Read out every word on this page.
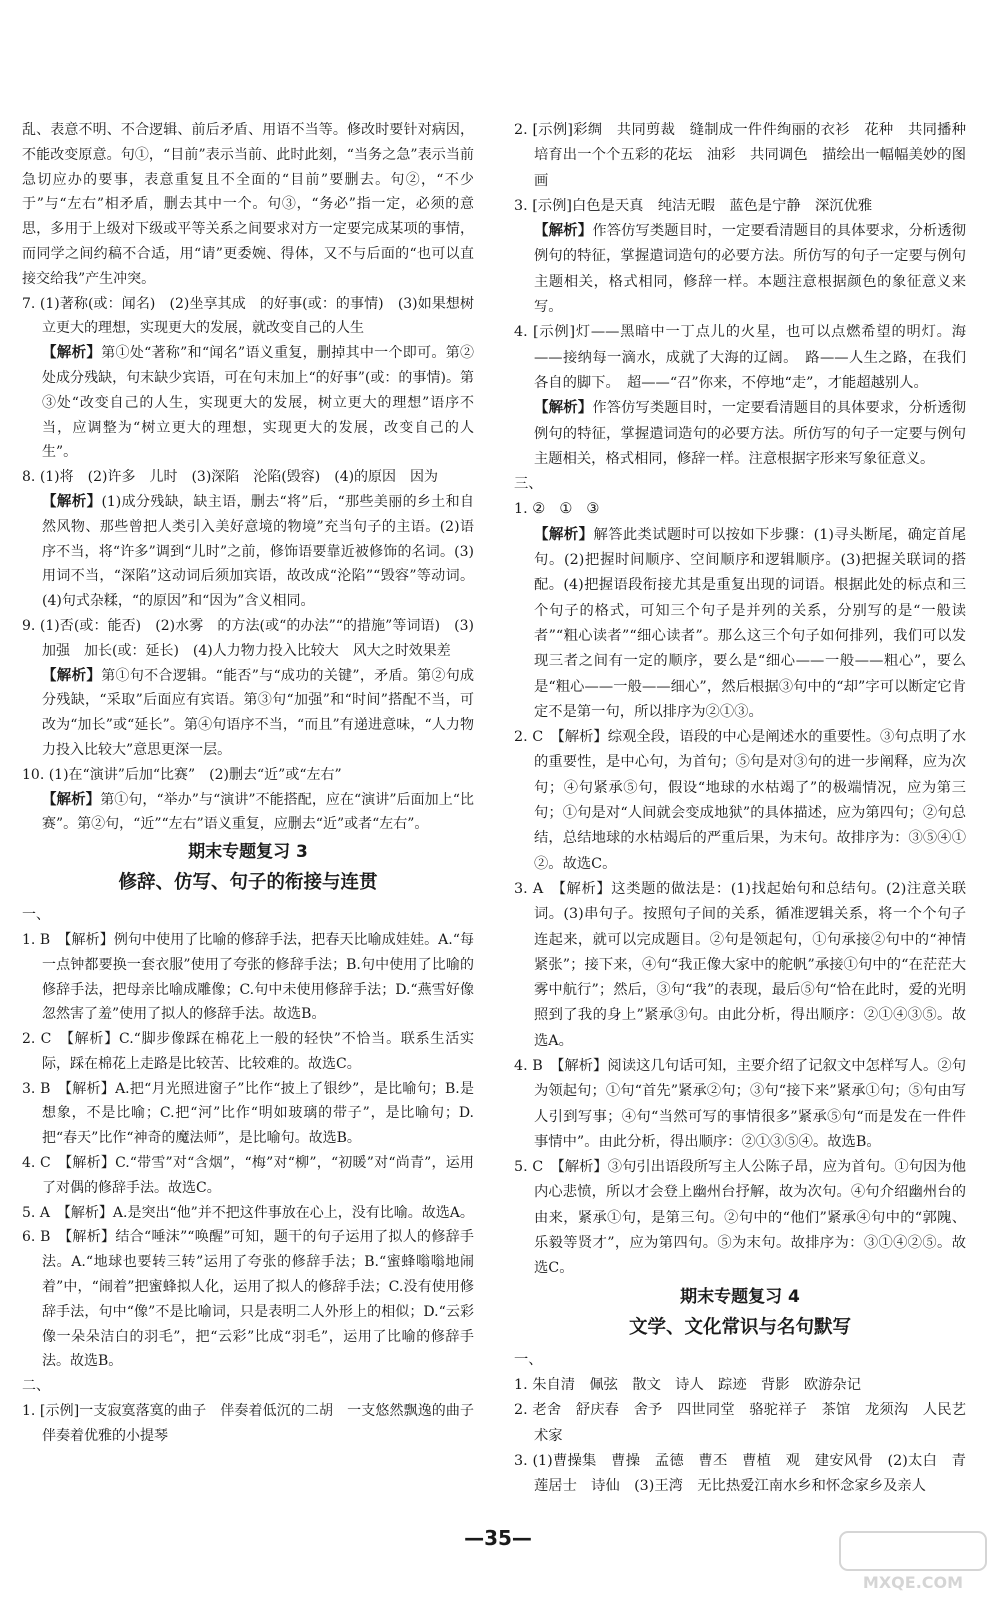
乱、表意不明、不合逻辑、前后矛盾、用语不当等。修改时要针对病因，不能改变原意。句①，“目前”表示当前、此时此刻，“当务之急”表示当前急切应办的要事，表意重复且不全面的“目前”要删去。句②，“不少于”与“左右”相矛盾，删去其中一个。句③，“务必”指一定，必须的意思，多用于上级对下级或平等关系之间要求对方一定要完成某项的事情，而同学之间约稿不合适，用“请”更委婉、得体，又不与后面的“也可以直接交给我”产生冲突。

7. (1)著称(或：闻名)　(2)坐享其成　的好事(或：的事情)　(3)如果想树立更大的理想，实现更大的发展，就改变自己的人生

【解析】第①处“著称”和“闻名”语义重复，删掉其中一个即可。第②处成分残缺，句末缺少宾语，可在句末加上“的好事”(或：的事情)。第③处“改变自己的人生，实现更大的发展，树立更大的理想”语序不当，应调整为“树立更大的理想，实现更大的发展，改变自己的人生”。

8. (1)将　(2)许多　儿时　(3)深陷　沦陷(毁容)　(4)的原因　因为

【解析】(1)成分残缺，缺主语，删去“将”后，“那些美丽的乡土和自然风物、那些曾把人类引入美好意境的物境”充当句子的主语。(2)语序不当，将“许多”调到“儿时”之前，修饰语要靠近被修饰的名词。(3)用词不当，“深陷”这动词后须加宾语，故改成“沦陷”“毁容”等动词。(4)句式杂糅，“的原因”和“因为”含义相同。

9. (1)否(或：能否)　(2)水雾　的方法(或“的办法”“的措施”等词语)　(3)加强　加长(或：延长)　(4)人力物力投入比较大　风大之时效果差

【解析】第①句不合逻辑。“能否”与“成功的关键”，矛盾。第②句成分残缺，“采取”后面应有宾语。第③句“加强”和“时间”搭配不当，可改为“加长”或“延长”。第④句语序不当，“而且”有递进意味，“人力物力投入比较大”意思更深一层。

10. (1)在“演讲”后加“比赛”　(2)删去“近”或“左右”

【解析】第①句，“举办”与“演讲”不能搭配，应在“演讲”后面加上“比赛”。第②句，“近”“左右”语义重复，应删去“近”或者“左右”。

期末专题复习 3

修辞、仿写、句子的衔接与连贯

一、

1. B　【解析】例句中使用了比喻的修辞手法，把春天比喻成娃娃。A.“每一点钟都要换一套衣服”使用了夸张的修辞手法；B.句中使用了比喻的修辞手法，把母亲比喻成雕像；C.句中未使用修辞手法；D.“燕雪好像忽然害了羞”使用了拟人的修辞手法。故选B。

2. C　【解析】C.“脚步像踩在棉花上一般的轻快”不恰当。联系生活实际，踩在棉花上走路是比较苦、比较难的。故选C。

3. B　【解析】A.把“月光照进窗子”比作“披上了银纱”，是比喻句；B.是想象，不是比喻；C.把“河”比作“明如玻璃的带子”，是比喻句；D.把“春天”比作“神奇的魔法师”，是比喻句。故选B。

4. C　【解析】C.“带雪”对“含烟”，“梅”对“柳”，“初暖”对“尚青”，运用了对偶的修辞手法。故选C。

5. A　【解析】A.是突出“他”并不把这件事放在心上，没有比喻。故选A。

6. B　【解析】结合“唾沫”“唤醒”可知，题干的句子运用了拟人的修辞手法。A.“地球也要转三转”运用了夸张的修辞手法；B.“蜜蜂嗡嗡地闹着”中，“闹着”把蜜蜂拟人化，运用了拟人的修辞手法；C.没有使用修辞手法，句中“像”不是比喻词，只是表明二人外形上的相似；D.“云彩像一朵朵洁白的羽毛”，把“云彩”比成“羽毛”，运用了比喻的修辞手法。故选B。

二、

1. [示例]一支寂寞落寞的曲子　伴奏着低沉的二胡　一支悠然飘逸的曲子　伴奏着优雅的小提琴

2. [示例]彩绸　共同剪裁　缝制成一件件绚丽的衣衫　花种　共同播种　培育出一个个五彩的花坛　油彩　共同调色　描绘出一幅幅美妙的图画

3. [示例]白色是天真　纯洁无暇　蓝色是宁静　深沉优雅

【解析】作答仿写类题目时，一定要看清题目的具体要求，分析透彻例句的特征，掌握遣词造句的必要方法。所仿写的句子一定要与例句主题相关，格式相同，修辞一样。本题注意根据颜色的象征意义来写。

4. [示例]灯——黑暗中一丁点儿的火星，也可以点燃希望的明灯。海——接纳每一滴水，成就了大海的辽阔。　路——人生之路，在我们各自的脚下。　超——“召”你来，不停地“走”，才能超越别人。

【解析】作答仿写类题目时，一定要看清题目的具体要求，分析透彻例句的特征，掌握遣词造句的必要方法。所仿写的句子一定要与例句主题相关，格式相同，修辞一样。注意根据字形来写象征意义。

三、

1. ②　①　③

【解析】解答此类试题时可以按如下步骤：(1)寻头断尾，确定首尾句。(2)把握时间顺序、空间顺序和逻辑顺序。(3)把握关联词的搭配。(4)把握语段衔接尤其是重复出现的词语。根据此处的标点和三个句子的格式，可知三个句子是并列的关系，分别写的是“一般读者”“粗心读者”“细心读者”。那么这三个句子如何排列，我们可以发现三者之间有一定的顺序，要么是“细心——一般——粗心”，要么是“粗心——一般——细心”，然后根据③句中的“却”字可以断定它肯定不是第一句，所以排序为②①③。

2. C　【解析】综观全段，语段的中心是阐述水的重要性。③句点明了水的重要性，是中心句，为首句；⑤句是对③句的进一步阐释，应为次句；④句紧承⑤句，假设“地球的水枯竭了”的极端情况，应为第三句；①句是对“人间就会变成地狱”的具体描述，应为第四句；②句总结，总结地球的水枯竭后的严重后果，为末句。故排序为：③⑤④①②。故选C。

3. A　【解析】这类题的做法是：(1)找起始句和总结句。(2)注意关联词。(3)串句子。按照句子间的关系，循准逻辑关系，将一个个句子连起来，就可以完成题目。②句是领起句，①句承接②句中的“神情紧张”；接下来，④句“我正像大家中的舵帆”承接①句中的“在茫茫大雾中航行”；然后，③句“我”的表现，最后⑤句“恰在此时，爱的光明照到了我的身上”紧承③句。由此分析，得出顺序：②①④③⑤。故选A。

4. B　【解析】阅读这几句话可知，主要介绍了记叙文中怎样写人。②句为领起句；①句“首先”紧承②句；③句“接下来”紧承①句；⑤句由写人引到写事；④句“当然可写的事情很多”紧承⑤句“而是发在一件件事情中”。由此分析，得出顺序：②①③⑤④。故选B。

5. C　【解析】③句引出语段所写主人公陈子昂，应为首句。①句因为他内心悲愤，所以才会登上幽州台抒解，故为次句。④句介绍幽州台的由来，紧承①句，是第三句。②句中的“他们”紧承④句中的“郭隗、乐毅等贤才”，应为第四句。⑤为末句。故排序为：③①④②⑤。故选C。

期末专题复习 4

文学、文化常识与名句默写

一、

1. 朱自清　佩弦　散文　诗人　踪迹　背影　欧游杂记

2. 老舍　舒庆春　舍予　四世同堂　骆驼祥子　茶馆　龙须沟　人民艺术家

3. (1)曹操集　曹操　孟德　曹丕　曹植　观　建安风骨　(2)太白　青莲居士　诗仙　(3)王湾　无比热爱江南水乡和怀念家乡及亲人

—35—
MXQE.COM
